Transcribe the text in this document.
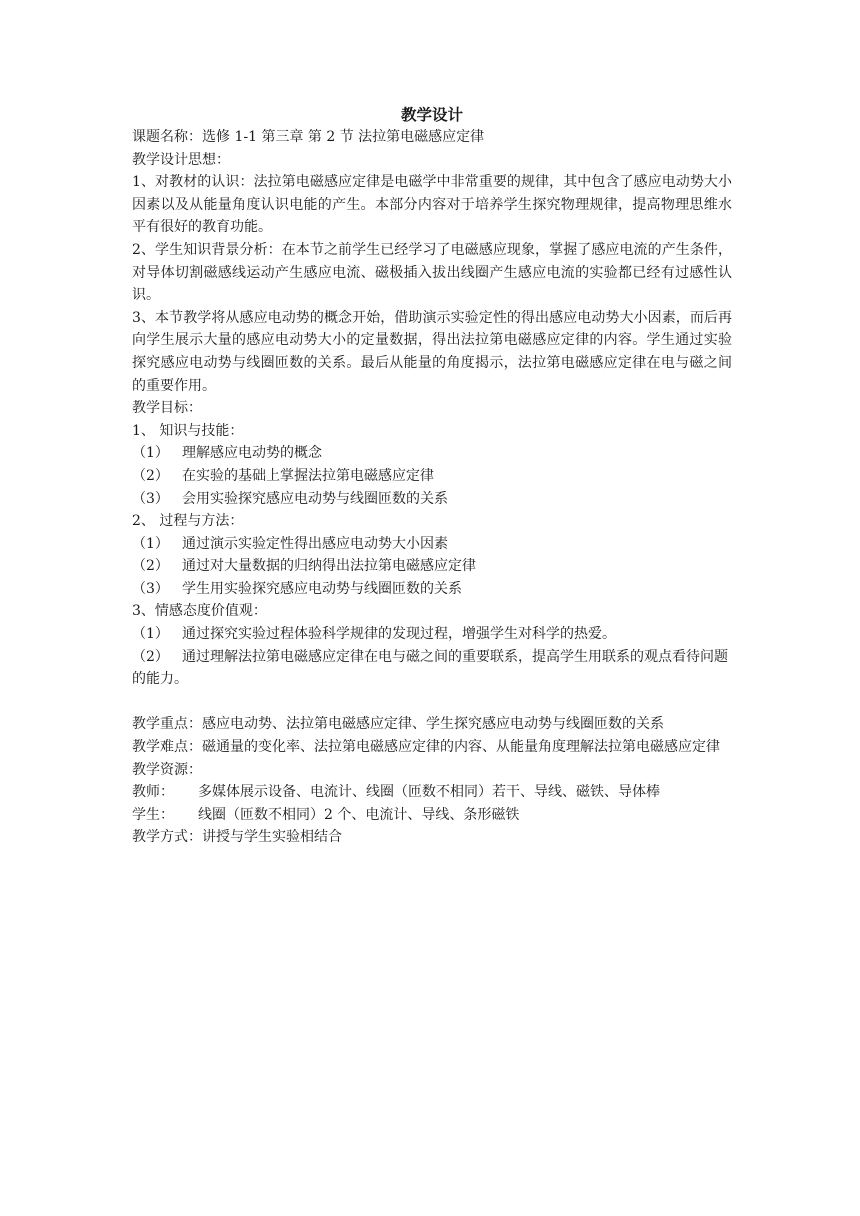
教学设计

课题名称：选修 1-1 第三章 第 2 节 法拉第电磁感应定律

教学设计思想：

1、对教材的认识：法拉第电磁感应定律是电磁学中非常重要的规律，其中包含了感应电动势大小因素以及从能量角度认识电能的产生。本部分内容对于培养学生探究物理规律，提高物理思维水平有很好的教育功能。

2、学生知识背景分析：在本节之前学生已经学习了电磁感应现象，掌握了感应电流的产生条件，对导体切割磁感线运动产生感应电流、磁极插入拔出线圈产生感应电流的实验都已经有过感性认识。

3、本节教学将从感应电动势的概念开始，借助演示实验定性的得出感应电动势大小因素，而后再向学生展示大量的感应电动势大小的定量数据，得出法拉第电磁感应定律的内容。学生通过实验探究感应电动势与线圈匝数的关系。最后从能量的角度揭示，法拉第电磁感应定律在电与磁之间的重要作用。

教学目标：

1、 知识与技能：

（1） 理解感应电动势的概念

（2） 在实验的基础上掌握法拉第电磁感应定律

（3） 会用实验探究感应电动势与线圈匝数的关系

2、 过程与方法：

（1） 通过演示实验定性得出感应电动势大小因素

（2） 通过对大量数据的归纳得出法拉第电磁感应定律

（3） 学生用实验探究感应电动势与线圈匝数的关系

3、情感态度价值观：

（1） 通过探究实验过程体验科学规律的发现过程，增强学生对科学的热爱。

（2） 通过理解法拉第电磁感应定律在电与磁之间的重要联系，提高学生用联系的观点看待问题的能力。

教学重点：感应电动势、法拉第电磁感应定律、学生探究感应电动势与线圈匝数的关系

教学难点：磁通量的变化率、法拉第电磁感应定律的内容、从能量角度理解法拉第电磁感应定律

教学资源：

教师： 多媒体展示设备、电流计、线圈（匝数不相同）若干、导线、磁铁、导体棒

学生： 线圈（匝数不相同）2 个、电流计、导线、条形磁铁

教学方式：讲授与学生实验相结合
